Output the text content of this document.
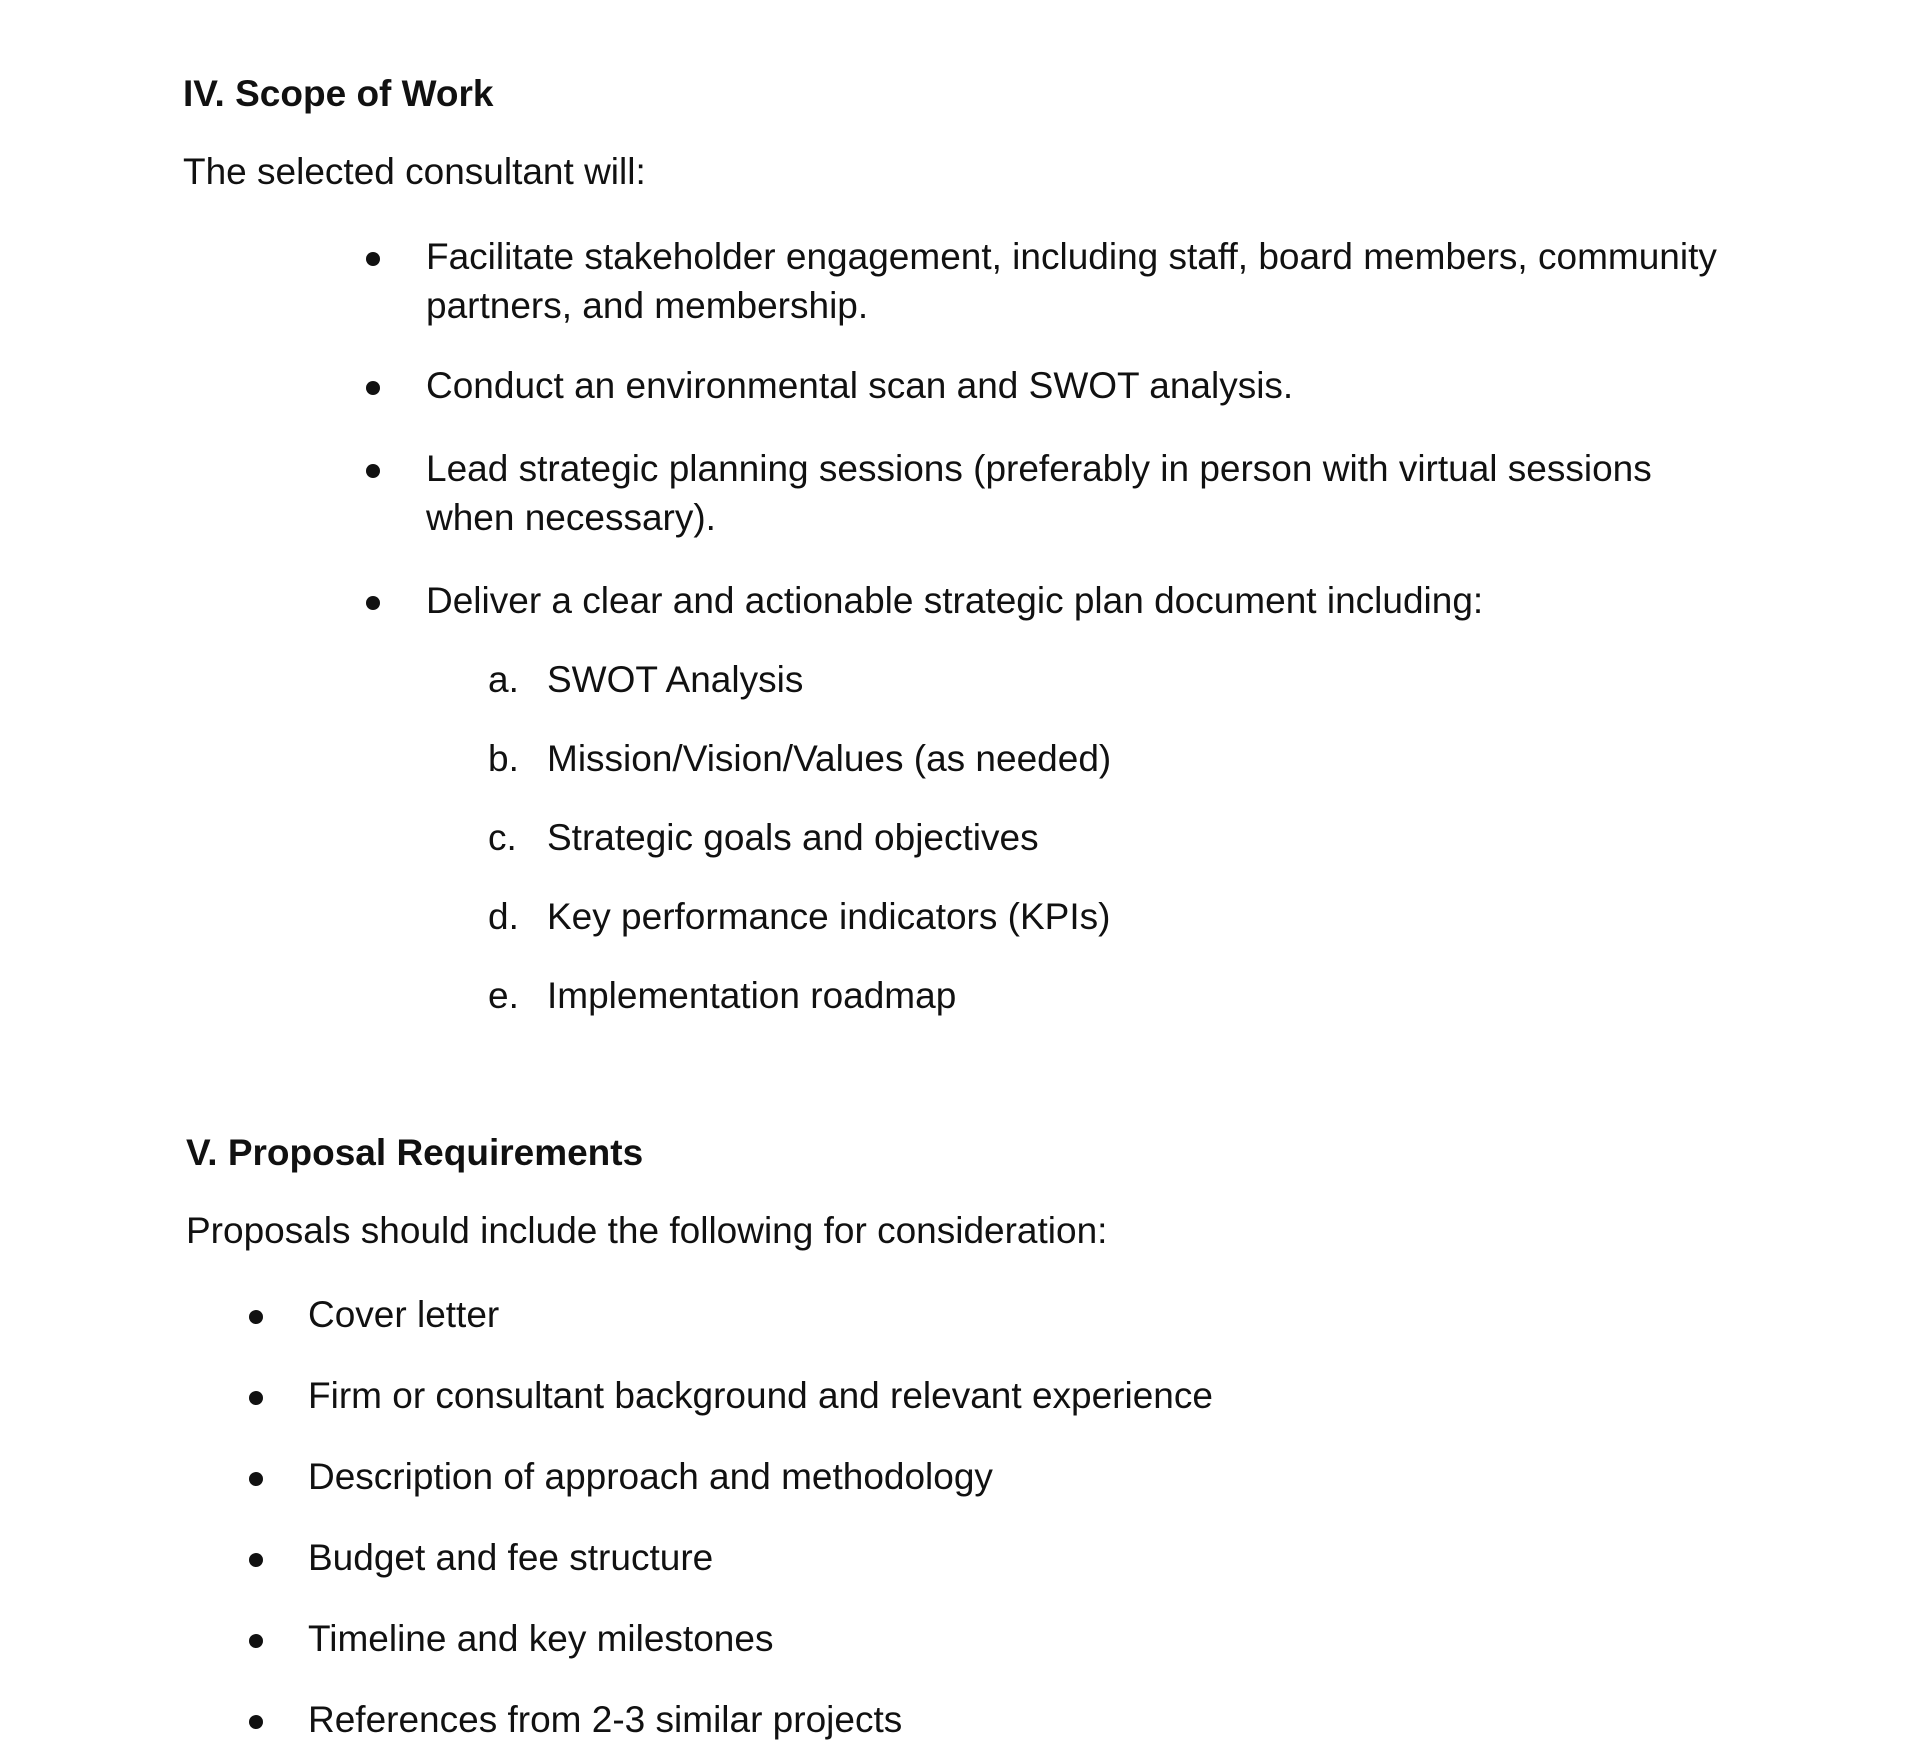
IV. Scope of Work

The selected consultant will:

Facilitate stakeholder engagement, including staff, board members, community partners, and membership.
Conduct an environmental scan and SWOT analysis.
Lead strategic planning sessions (preferably in person with virtual sessions when necessary).
Deliver a clear and actionable strategic plan document including:
a. SWOT Analysis
b. Mission/Vision/Values (as needed)
c. Strategic goals and objectives
d. Key performance indicators (KPIs)
e. Implementation roadmap
V. Proposal Requirements

Proposals should include the following for consideration:

Cover letter
Firm or consultant background and relevant experience
Description of approach and methodology
Budget and fee structure
Timeline and key milestones
References from 2-3 similar projects
